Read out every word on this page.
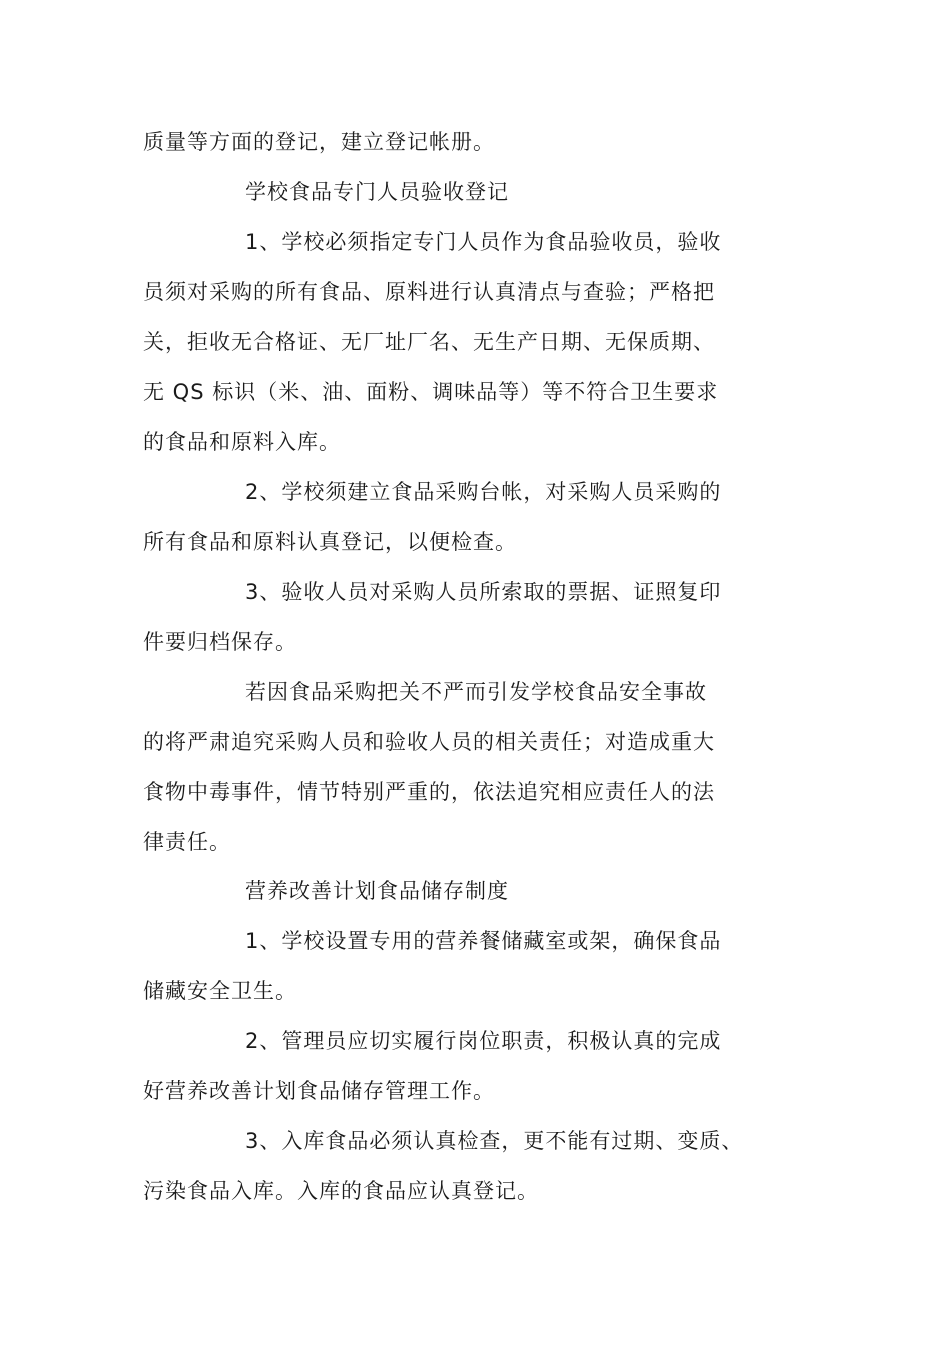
质量等方面的登记，建立登记帐册。
学校食品专门人员验收登记
1、学校必须指定专门人员作为食品验收员，验收
员须对采购的所有食品、原料进行认真清点与查验；严格把
关，拒收无合格证、无厂址厂名、无生产日期、无保质期、
无 QS 标识（米、油、面粉、调味品等）等不符合卫生要求
的食品和原料入库。
2、学校须建立食品采购台帐，对采购人员采购的
所有食品和原料认真登记，以便检查。
3、验收人员对采购人员所索取的票据、证照复印
件要归档保存。
若因食品采购把关不严而引发学校食品安全事故
的将严肃追究采购人员和验收人员的相关责任；对造成重大
食物中毒事件，情节特别严重的，依法追究相应责任人的法
律责任。
营养改善计划食品储存制度
1、学校设置专用的营养餐储藏室或架，确保食品
储藏安全卫生。
2、管理员应切实履行岗位职责，积极认真的完成
好营养改善计划食品储存管理工作。
3、入库食品必须认真检查，更不能有过期、变质、
污染食品入库。入库的食品应认真登记。
